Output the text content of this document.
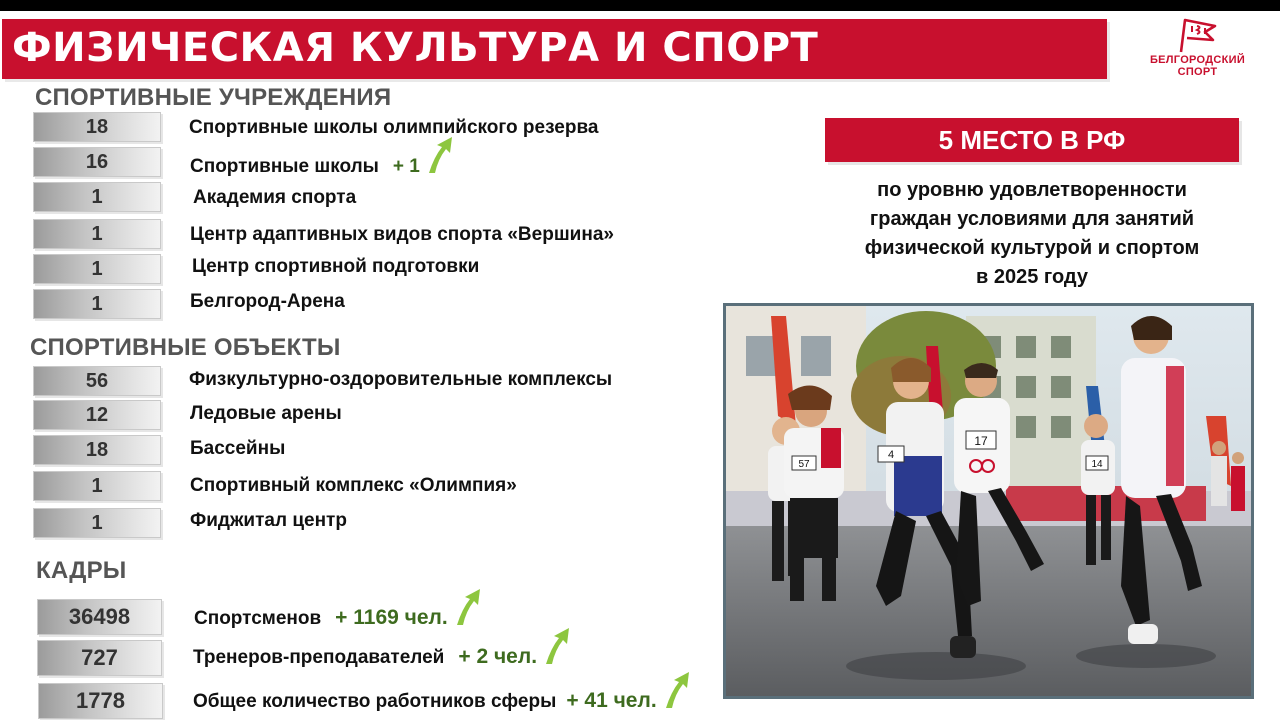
ФИЗИЧЕСКАЯ КУЛЬТУРА И СПОРТ	БЕЛГОРОДСКИЙ
СПОРТ
СПОРТИВНЫЕ УЧРЕЖДЕНИЯ
18	Спортивные школы олимпийского резерва
16	Спортивные школы + 1
1	Академия спорта
1	Центр адаптивных видов спорта «Вершина»
1	Центр спортивной подготовки
1	Белгород-Арена
СПОРТИВНЫЕ ОБЪЕКТЫ
56	Физкультурно-оздоровительные комплексы
12	Ледовые арены
18	Бассейны
1	Спортивный комплекс «Олимпия»
1	Фиджитал центр
КАДРЫ
36498	Спортсменов + 1169 чел.
727	Тренеров-преподавателей + 2 чел.
1778	Общее количество работников сферы + 41 чел.
5 МЕСТО В РФ
по уровню удовлетворенности
граждан условиями для занятий
физической культурой и спортом
в 2025 году
57
4
17
14
